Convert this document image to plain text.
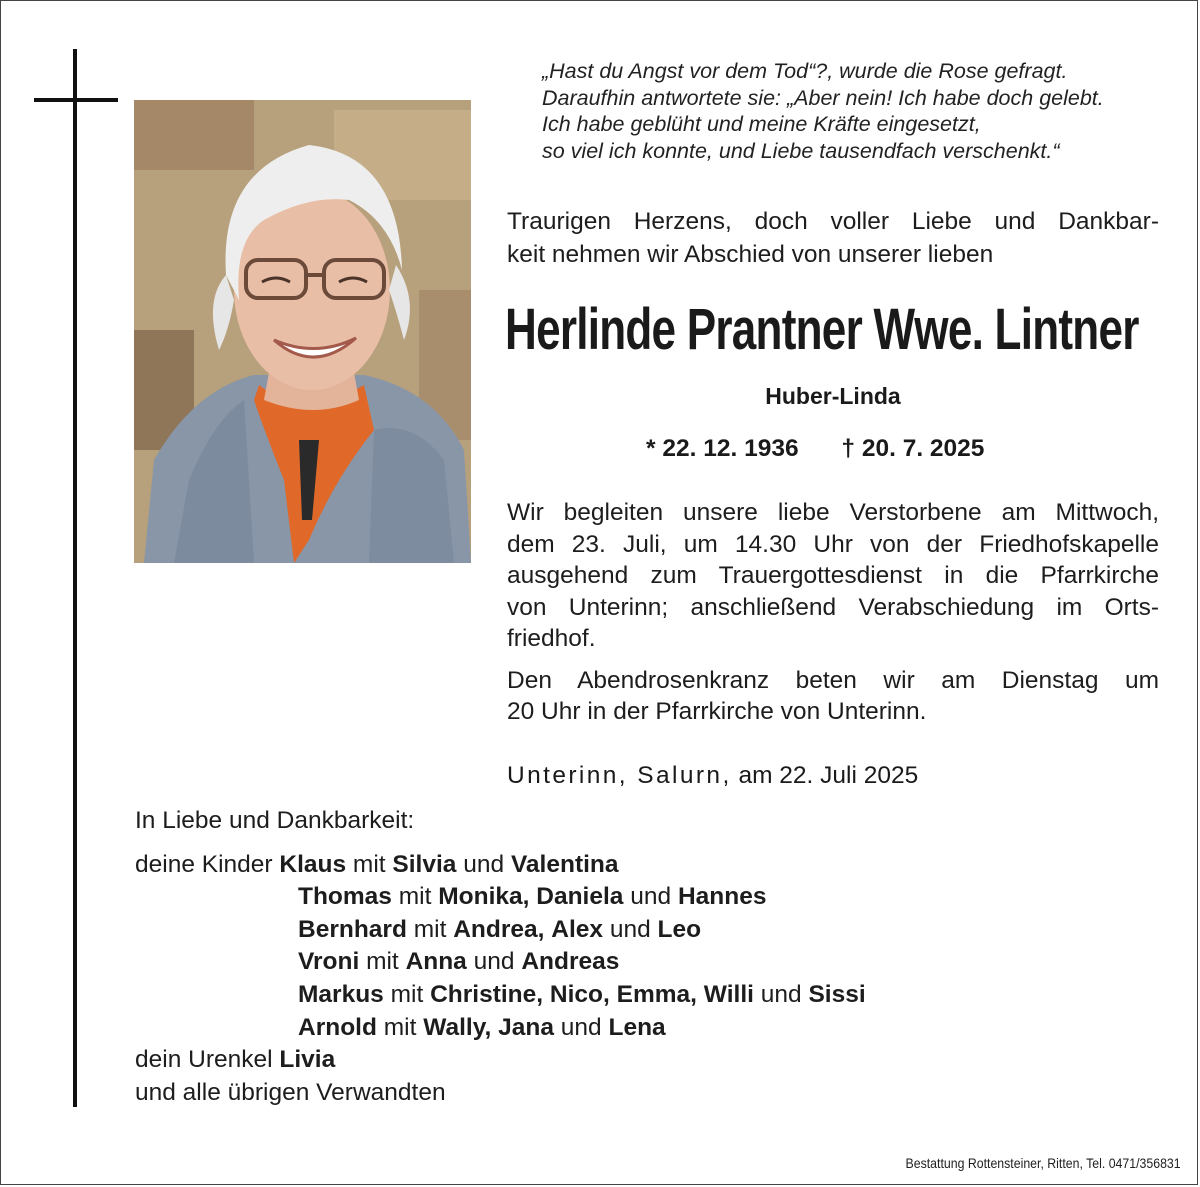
„Hast du Angst vor dem Tod“?, wurde die Rose gefragt.
Daraufhin antwortete sie: „Aber nein! Ich habe doch gelebt.
Ich habe geblüht und meine Kräfte eingesetzt,
so viel ich konnte, und Liebe tausendfach verschenkt.“
Traurigen Herzens, doch voller Liebe und Dankbar-
keit nehmen wir Abschied von unserer lieben
Herlinde Prantner Wwe. Lintner
Huber-Linda
* 22. 12. 1936 † 20. 7. 2025
Wir begleiten unsere liebe Verstorbene am Mittwoch,
dem 23. Juli, um 14.30 Uhr von der Friedhofskapelle
ausgehend zum Trauergottesdienst in die Pfarrkirche
von Unterinn; anschließend Verabschiedung im Orts-
friedhof.
Den Abendrosenkranz beten wir am Dienstag um
20 Uhr in der Pfarrkirche von Unterinn.
Unterinn, Salurn, am 22. Juli 2025
In Liebe und Dankbarkeit:
deine Kinder Klaus mit Silvia und Valentina
Thomas mit Monika, Daniela und Hannes
Bernhard mit Andrea, Alex und Leo
Vroni mit Anna und Andreas
Markus mit Christine, Nico, Emma, Willi und Sissi
Arnold mit Wally, Jana und Lena
dein Urenkel Livia
und alle übrigen Verwandten
Bestattung Rottensteiner, Ritten, Tel. 0471/356831
